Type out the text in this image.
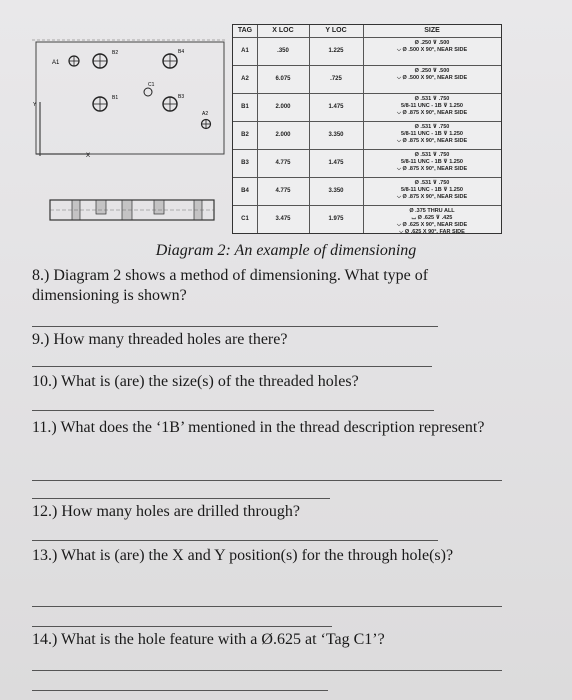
A1
B2	B4
B1	B3
C1
A2
X
Y
TAG	X LOC	Y LOC	SIZE
A1	.350	1.225
Ø .250 ⊽ .500
⌵ Ø .500 X 90°, NEAR SIDE
A2	6.075	.725
Ø .250 ⊽ .500
⌵ Ø .500 X 90°, NEAR SIDE
B1	2.000	1.475
Ø .531 ⊽ .750
5/8-11 UNC - 1B ⊽ 1.250
⌵ Ø .875 X 90°, NEAR SIDE
B2	2.000	3.350
Ø .531 ⊽ .750
5/8-11 UNC - 1B ⊽ 1.250
⌵ Ø .875 X 90°, NEAR SIDE
B3	4.775	1.475
Ø .531 ⊽ .750
5/8-11 UNC - 1B ⊽ 1.250
⌵ Ø .875 X 90°, NEAR SIDE
B4	4.775	3.350
Ø .531 ⊽ .750
5/8-11 UNC - 1B ⊽ 1.250
⌵ Ø .875 X 90°, NEAR SIDE
C1	3.475	1.975
Ø .375 THRU ALL
⌴ Ø .625 ⊽ .425
⌵ Ø .625 X 90°, NEAR SIDE
⌵ Ø .625 X 90°, FAR SIDE
Diagram 2: An example of dimensioning
8.) Diagram 2 shows a method of dimensioning. What type of dimensioning is shown?
9.) How many threaded holes are there?
10.) What is (are) the size(s) of the threaded holes?
11.) What does the ‘1B’ mentioned in the thread description represent?
12.) How many holes are drilled through?
13.) What is (are) the X and Y position(s) for the through hole(s)?
14.) What is the hole feature with a Ø.625 at ‘Tag C1’?
